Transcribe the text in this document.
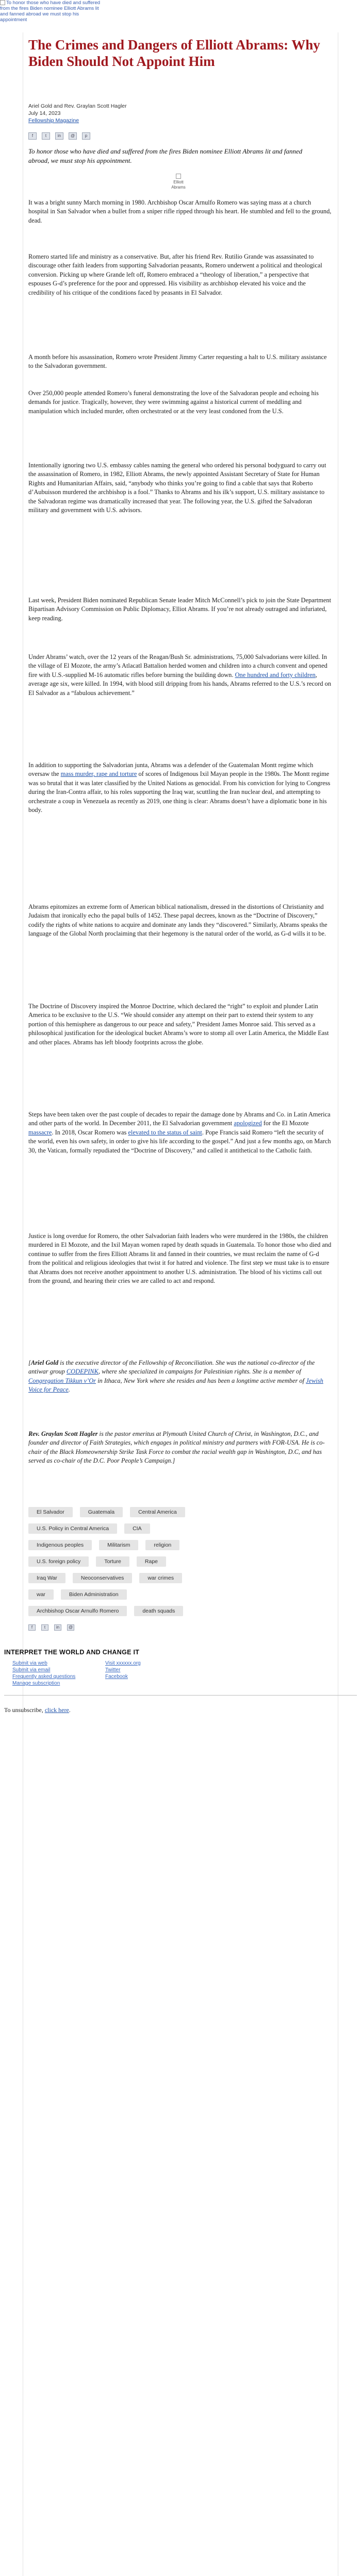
To honor those who have died and suffered from the fires Biden nominee Elliott Abrams lit and fanned abroad we must stop his appointment
The Crimes and Dangers of Elliott Abrams: Why Biden Should Not Appoint Him
Ariel Gold and Rev. Graylan Scott Hagler
July 14, 2023
Fellowship Magazine
f	t	in	@	p

To honor those who have died and suffered from the fires Biden nominee Elliott Abrams lit and fanned abroad, we must stop his appointment.

Elliott Abrams

It was a bright sunny March morning in 1980. Archbishop Oscar Arnulfo Romero was saying mass at a church hospital in San Salvador when a bullet from a sniper rifle ripped through his heart. He stumbled and fell to the ground, dead.

Romero started life and ministry as a conservative. But, after his friend Rev. Rutilio Grande was assassinated to discourage other faith leaders from supporting Salvadorian peasants, Romero underwent a political and theological conversion. Picking up where Grande left off, Romero embraced a “theology of liberation,” a perspective that espouses G-d’s preference for the poor and oppressed. His visibility as archbishop elevated his voice and the credibility of his critique of the conditions faced by peasants in El Salvador.

A month before his assassination, Romero wrote President Jimmy Carter requesting a halt to U.S. military assistance to the Salvadoran government.

Over 250,000 people attended Romero’s funeral demonstrating the love of the Salvadoran people and echoing his demands for justice. Tragically, however, they were swimming against a historical current of meddling and manipulation which included murder, often orchestrated or at the very least condoned from the U.S.

Intentionally ignoring two U.S. embassy cables naming the general who ordered his personal bodyguard to carry out the assassination of Romero, in 1982, Elliott Abrams, the newly appointed Assistant Secretary of State for Human Rights and Humanitarian Affairs, said, “anybody who thinks you’re going to find a cable that says that Roberto d’Aubuisson murdered the archbishop is a fool.” Thanks to Abrams and his ilk’s support, U.S. military assistance to the Salvadoran regime was dramatically increased that year. The following year, the U.S. gifted the Salvadoran military and government with U.S. advisors.

Last week, President Biden nominated Republican Senate leader Mitch McConnell’s pick to join the State Department Bipartisan Advisory Commission on Public Diplomacy, Elliot Abrams. If you’re not already outraged and infuriated, keep reading.

Under Abrams’ watch, over the 12 years of the Reagan/Bush Sr. administrations, 75,000 Salvadorians were killed. In the village of El Mozote, the army’s Atlacatl Battalion herded women and children into a church convent and opened fire with U.S.-supplied M-16 automatic rifles before burning the building down. One hundred and forty children, average age six, were killed. In 1994, with blood still dripping from his hands, Abrams referred to the U.S.’s record on El Salvador as a “fabulous achievement.”

In addition to supporting the Salvadorian junta, Abrams was a defender of the Guatemalan Montt regime which oversaw the mass murder, rape and torture of scores of Indigenous Ixil Mayan people in the 1980s. The Montt regime was so brutal that it was later classified by the United Nations as genocidal. From his conviction for lying to Congress during the Iran-Contra affair, to his roles supporting the Iraq war, scuttling the Iran nuclear deal, and attempting to orchestrate a coup in Venezuela as recently as 2019, one thing is clear: Abrams doesn’t have a diplomatic bone in his body.

Abrams epitomizes an extreme form of American biblical nationalism, dressed in the distortions of Christianity and Judaism that ironically echo the papal bulls of 1452. These papal decrees, known as the “Doctrine of Discovery,” codify the rights of white nations to acquire and dominate any lands they “discovered.” Similarly, Abrams speaks the language of the Global North proclaiming that their hegemony is the natural order of the world, as G-d wills it to be.

The Doctrine of Discovery inspired the Monroe Doctrine, which declared the “right” to exploit and plunder Latin America to be exclusive to the U.S. “We should consider any attempt on their part to extend their system to any portion of this hemisphere as dangerous to our peace and safety,” President James Monroe said. This served as a philosophical justification for the ideological bucket Abrams’s wore to stomp all over Latin America, the Middle East and other places. Abrams has left bloody footprints across the globe.

Steps have been taken over the past couple of decades to repair the damage done by Abrams and Co. in Latin America and other parts of the world. In December 2011, the El Salvadorian government apologized for the El Mozote massacre. In 2018, Oscar Romero was elevated to the status of saint. Pope Francis said Romero “left the security of the world, even his own safety, in order to give his life according to the gospel.” And just a few months ago, on March 30, the Vatican, formally repudiated the “Doctrine of Discovery,” and called it antithetical to the Catholic faith.

Justice is long overdue for Romero, the other Salvadorian faith leaders who were murdered in the 1980s, the children murdered in El Mozote, and the Ixil Mayan women raped by death squads in Guatemala. To honor those who died and continue to suffer from the fires Elliott Abrams lit and fanned in their countries, we must reclaim the name of G-d from the political and religious ideologies that twist it for hatred and violence. The first step we must take is to ensure that Abrams does not receive another appointment to another U.S. administration. The blood of his victims call out from the ground, and hearing their cries we are called to act and respond.

[Ariel Gold is the executive director of the Fellowship of Reconciliation. She was the national co-director of the antiwar group CODEPINK, where she specialized in campaigns for Palestinian rights. She is a member of Congregation Tikkun v’Or in Ithaca, New York where she resides and has been a longtime active member of Jewish Voice for Peace.

Rev. Graylan Scott Hagler is the pastor emeritus at Plymouth United Church of Christ, in Washington, D.C., and founder and director of Faith Strategies, which engages in political ministry and partners with FOR-USA. He is co-chair of the Black Homeownership Strike Task Force to combat the racial wealth gap in Washington, D.C, and has served as co-chair of the D.C. Poor People’s Campaign.]

El Salvador	Guatemala	Central America
U.S. Policy in Central America	CIA
Indigenous peoples	Militarism	religion
U.S. foreign policy	Torture	Rape
Iraq War	Neoconservatives	war crimes
war	Biden Administration
Archbishop Oscar Arnulfo Romero	death squads
f	t	in	@
INTERPRET THE WORLD AND CHANGE IT
Submit via web
Submit via email
Frequently asked questions
Manage subscription
Visit xxxxxx.org
Twitter
Facebook
To unsubscribe, click here.
